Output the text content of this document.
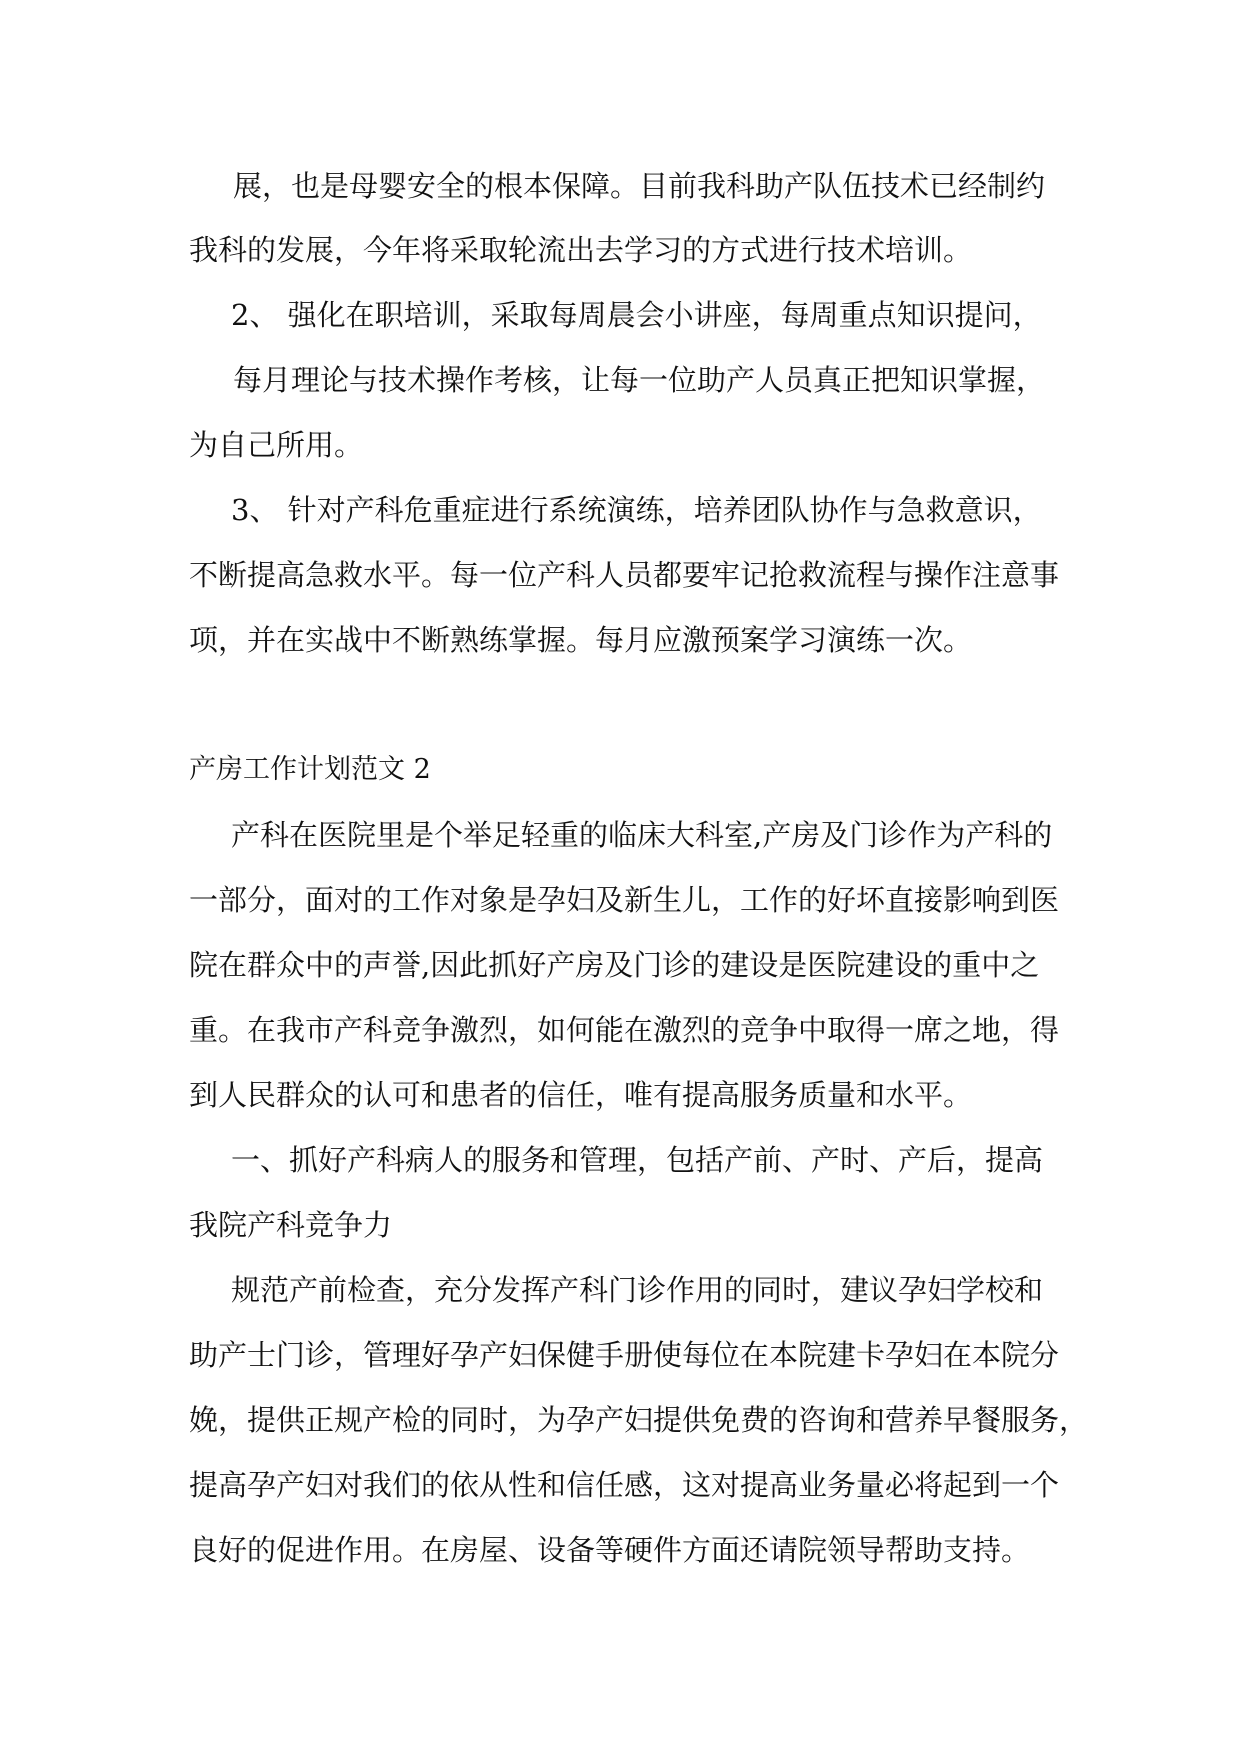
展，也是母婴安全的根本保障。目前我科助产队伍技术已经制约
我科的发展，今年将采取轮流出去学习的方式进行技术培训。
2、 强化在职培训，采取每周晨会小讲座，每周重点知识提问，
每月理论与技术操作考核，让每一位助产人员真正把知识掌握，
为自己所用。
3、 针对产科危重症进行系统演练，培养团队协作与急救意识，
不断提高急救水平。每一位产科人员都要牢记抢救流程与操作注意事
项，并在实战中不断熟练掌握。每月应激预案学习演练一次。
产房工作计划范文 2
产科在医院里是个举足轻重的临床大科室,产房及门诊作为产科的
一部分，面对的工作对象是孕妇及新生儿，工作的好坏直接影响到医
院在群众中的声誉,因此抓好产房及门诊的建设是医院建设的重中之
重。在我市产科竞争激烈，如何能在激烈的竞争中取得一席之地，得
到人民群众的认可和患者的信任，唯有提高服务质量和水平。
一、抓好产科病人的服务和管理，包括产前、产时、产后，提高
我院产科竞争力
规范产前检查，充分发挥产科门诊作用的同时，建议孕妇学校和
助产士门诊，管理好孕产妇保健手册使每位在本院建卡孕妇在本院分
娩，提供正规产检的同时，为孕产妇提供免费的咨询和营养早餐服务，
提高孕产妇对我们的依从性和信任感，这对提高业务量必将起到一个
良好的促进作用。在房屋、设备等硬件方面还请院领导帮助支持。
